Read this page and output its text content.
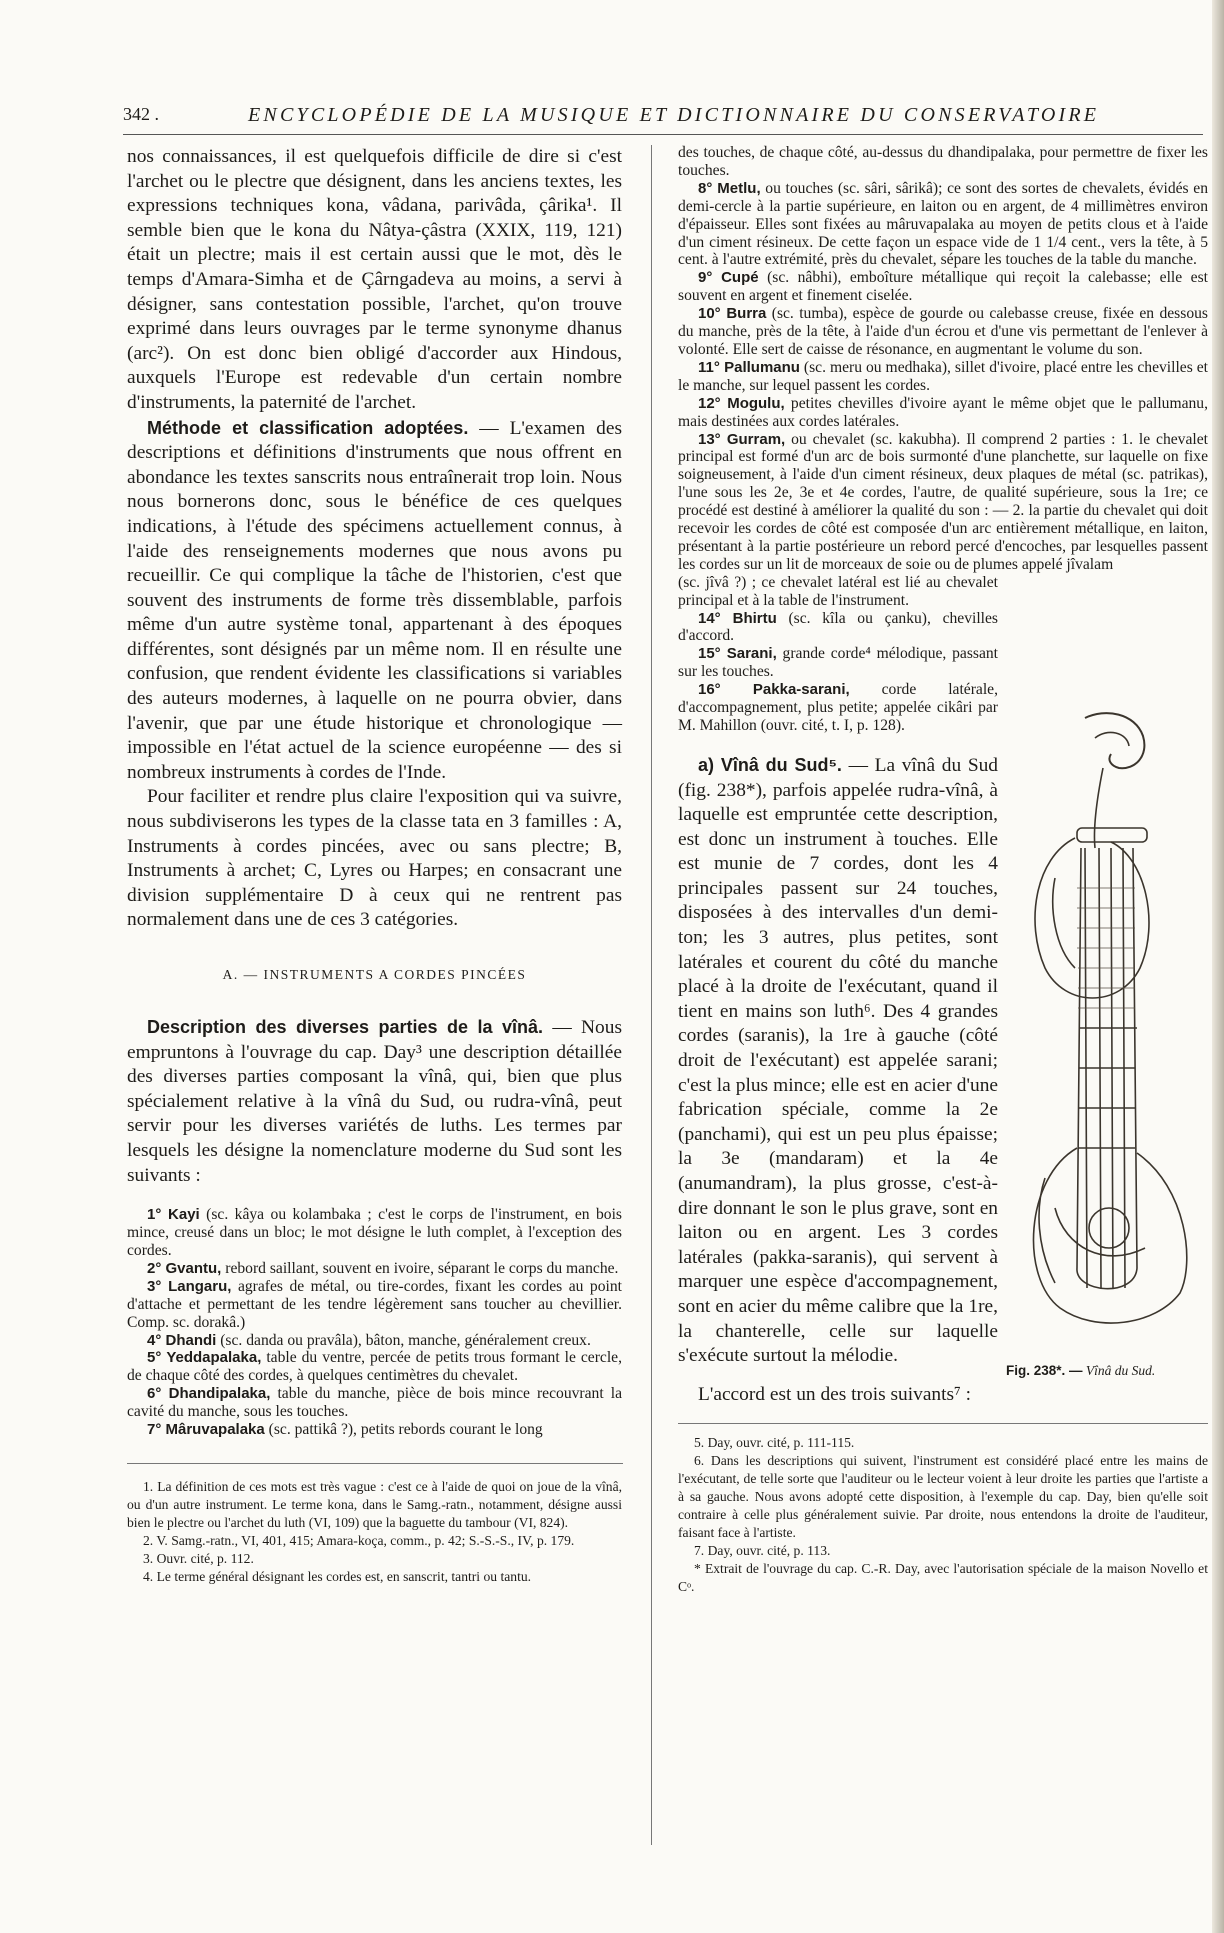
342 .	ENCYCLOPÉDIE DE LA MUSIQUE ET DICTIONNAIRE DU CONSERVATOIRE

nos connaissances, il est quelquefois difficile de dire si c'est l'archet ou le plectre que désignent, dans les anciens textes, les expressions techniques kona, vâdana, parivâda, çârika¹. Il semble bien que le kona du Nâtya-çâstra (XXIX, 119, 121) était un plectre; mais il est certain aussi que le mot, dès le temps d'Amara-Simha et de Çârngadeva au moins, a servi à désigner, sans contestation possible, l'archet, qu'on trouve exprimé dans leurs ouvrages par le terme synonyme dhanus (arc²). On est donc bien obligé d'accorder aux Hindous, auxquels l'Europe est redevable d'un certain nombre d'instruments, la paternité de l'archet.

Méthode et classification adoptées. — L'examen des descriptions et définitions d'instruments que nous offrent en abondance les textes sanscrits nous entraînerait trop loin. Nous nous bornerons donc, sous le bénéfice de ces quelques indications, à l'étude des spécimens actuellement connus, à l'aide des renseignements modernes que nous avons pu recueillir. Ce qui complique la tâche de l'historien, c'est que souvent des instruments de forme très dissemblable, parfois même d'un autre système tonal, appartenant à des époques différentes, sont désignés par un même nom. Il en résulte une confusion, que rendent évidente les classifications si variables des auteurs modernes, à laquelle on ne pourra obvier, dans l'avenir, que par une étude historique et chronologique — impossible en l'état actuel de la science européenne — des si nombreux instruments à cordes de l'Inde.

Pour faciliter et rendre plus claire l'exposition qui va suivre, nous subdiviserons les types de la classe tata en 3 familles : A, Instruments à cordes pincées, avec ou sans plectre; B, Instruments à archet; C, Lyres ou Harpes; en consacrant une division supplémentaire D à ceux qui ne rentrent pas normalement dans une de ces 3 catégories.

A. — INSTRUMENTS A CORDES PINCÉES

Description des diverses parties de la vînâ. — Nous empruntons à l'ouvrage du cap. Day³ une description détaillée des diverses parties composant la vînâ, qui, bien que plus spécialement relative à la vînâ du Sud, ou rudra-vînâ, peut servir pour les diverses variétés de luths. Les termes par lesquels les désigne la nomenclature moderne du Sud sont les suivants :

1° Kayi (sc. kâya ou kolambaka ; c'est le corps de l'instrument, en bois mince, creusé dans un bloc; le mot désigne le luth complet, à l'exception des cordes.

2° Gvantu, rebord saillant, souvent en ivoire, séparant le corps du manche.

3° Langaru, agrafes de métal, ou tire-cordes, fixant les cordes au point d'attache et permettant de les tendre légèrement sans toucher au chevillier. Comp. sc. dorakâ.)

4° Dhandi (sc. danda ou pravâla), bâton, manche, généralement creux.

5° Yeddapalaka, table du ventre, percée de petits trous formant le cercle, de chaque côté des cordes, à quelques centimètres du chevalet.

6° Dhandipalaka, table du manche, pièce de bois mince recouvrant la cavité du manche, sous les touches.

7° Mâruvapalaka (sc. pattikâ ?), petits rebords courant le long

1. La définition de ces mots est très vague : c'est ce à l'aide de quoi on joue de la vînâ, ou d'un autre instrument. Le terme kona, dans le Samg.-ratn., notamment, désigne aussi bien le plectre ou l'archet du luth (VI, 109) que la baguette du tambour (VI, 824).

2. V. Samg.-ratn., VI, 401, 415; Amara-koça, comm., p. 42; S.-S.-S., IV, p. 179.

3. Ouvr. cité, p. 112.

4. Le terme général désignant les cordes est, en sanscrit, tantri ou tantu.

des touches, de chaque côté, au-dessus du dhandipalaka, pour permettre de fixer les touches.

8° Metlu, ou touches (sc. sâri, sârikâ); ce sont des sortes de chevalets, évidés en demi-cercle à la partie supérieure, en laiton ou en argent, de 4 millimètres environ d'épaisseur. Elles sont fixées au mâruvapalaka au moyen de petits clous et à l'aide d'un ciment résineux. De cette façon un espace vide de 1 1/4 cent., vers la tête, à 5 cent. à l'autre extrémité, près du chevalet, sépare les touches de la table du manche.

9° Cupé (sc. nâbhi), emboîture métallique qui reçoit la calebasse; elle est souvent en argent et finement ciselée.

10° Burra (sc. tumba), espèce de gourde ou calebasse creuse, fixée en dessous du manche, près de la tête, à l'aide d'un écrou et d'une vis permettant de l'enlever à volonté. Elle sert de caisse de résonance, en augmentant le volume du son.

11° Pallumanu (sc. meru ou medhaka), sillet d'ivoire, placé entre les chevilles et le manche, sur lequel passent les cordes.

12° Mogulu, petites chevilles d'ivoire ayant le même objet que le pallumanu, mais destinées aux cordes latérales.

13° Gurram, ou chevalet (sc. kakubha). Il comprend 2 parties : 1. le chevalet principal est formé d'un arc de bois surmonté d'une planchette, sur laquelle on fixe soigneusement, à l'aide d'un ciment résineux, deux plaques de métal (sc. patrikas), l'une sous les 2e, 3e et 4e cordes, l'autre, de qualité supérieure, sous la 1re; ce procédé est destiné à améliorer la qualité du son : — 2. la partie du chevalet qui doit recevoir les cordes de côté est composée d'un arc entièrement métallique, en laiton, présentant à la partie postérieure un rebord percé d'encoches, par lesquelles passent les cordes sur un lit de morceaux de soie ou de plumes appelé jîvalam

(sc. jîvâ ?) ; ce chevalet latéral est lié au chevalet principal et à la table de l'instrument.

14° Bhirtu (sc. kîla ou çanku), chevilles d'accord.

15° Sarani, grande corde⁴ mélodique, passant sur les touches.

16° Pakka-sarani, corde latérale, d'accompagnement, plus petite; appelée cikâri par M. Mahillon (ouvr. cité, t. I, p. 128).

a) Vînâ du Sud⁵. — La vînâ du Sud (fig. 238*), parfois appelée rudra-vînâ, à laquelle est empruntée cette description, est donc un instrument à touches. Elle est munie de 7 cordes, dont les 4 principales passent sur 24 touches, disposées à des intervalles d'un demi-ton; les 3 autres, plus petites, sont latérales et courent du côté du manche placé à la droite de l'exécutant, quand il tient en mains son luth⁶. Des 4 grandes cordes (saranis), la 1re à gauche (côté droit de l'exécutant) est appelée sarani; c'est la plus mince; elle est en acier d'une fabrication spéciale, comme la 2e (panchami), qui est un peu plus épaisse; la 3e (mandaram) et la 4e (anumandram), la plus grosse, c'est-à-dire donnant le son le plus grave, sont en laiton ou en argent. Les 3 cordes latérales (pakka-saranis), qui servent à marquer une espèce d'accompagnement, sont en acier du même calibre que la 1re, la chanterelle, celle sur laquelle s'exécute surtout la mélodie.

L'accord est un des trois suivants⁷ :

5. Day, ouvr. cité, p. 111-115.

6. Dans les descriptions qui suivent, l'instrument est considéré placé entre les mains de l'exécutant, de telle sorte que l'auditeur ou le lecteur voient à leur droite les parties que l'artiste a à sa gauche. Nous avons adopté cette disposition, à l'exemple du cap. Day, bien qu'elle soit contraire à celle plus généralement suivie. Par droite, nous entendons la droite de l'auditeur, faisant face à l'artiste.

7. Day, ouvr. cité, p. 113.

* Extrait de l'ouvrage du cap. C.-R. Day, avec l'autorisation spéciale de la maison Novello et Cᵒ.

Fig. 238*. — Vînâ du Sud.
